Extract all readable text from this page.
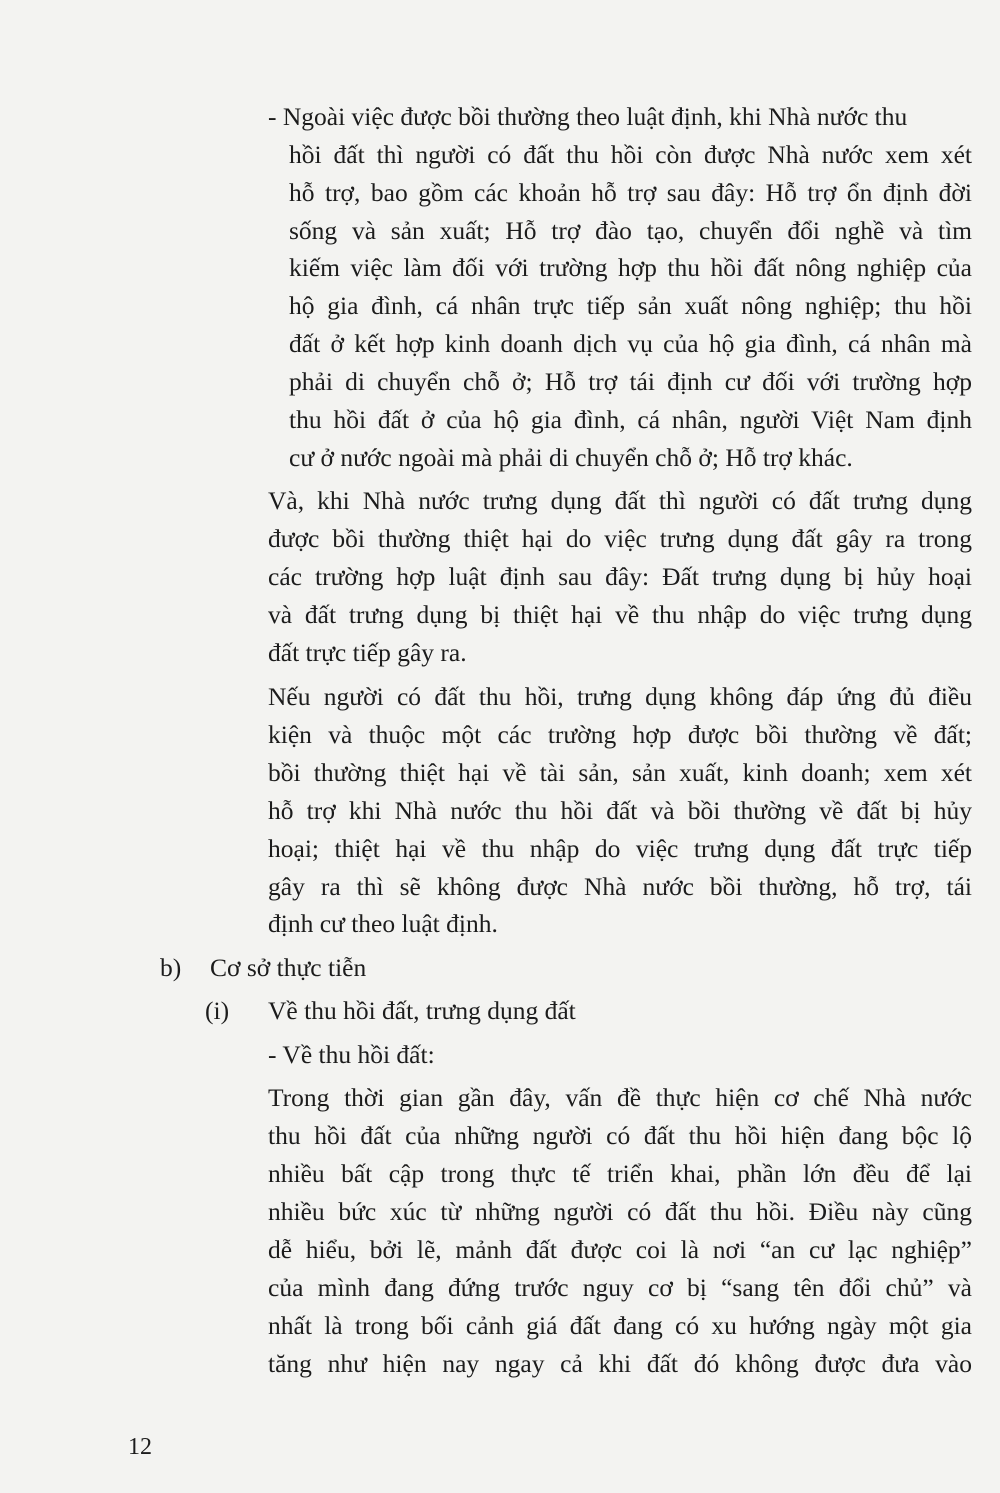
- Ngoài việc được bồi thường theo luật định, khi Nhà nước thu
hồi đất thì người có đất thu hồi còn được Nhà nước xem xét
hỗ trợ, bao gồm các khoản hỗ trợ sau đây: Hỗ trợ ổn định đời
sống và sản xuất; Hỗ trợ đào tạo, chuyển đổi nghề và tìm
kiếm việc làm đối với trường hợp thu hồi đất nông nghiệp của
hộ gia đình, cá nhân trực tiếp sản xuất nông nghiệp; thu hồi
đất ở kết hợp kinh doanh dịch vụ của hộ gia đình, cá nhân mà
phải di chuyển chỗ ở; Hỗ trợ tái định cư đối với trường hợp
thu hồi đất ở của hộ gia đình, cá nhân, người Việt Nam định
cư ở nước ngoài mà phải di chuyển chỗ ở; Hỗ trợ khác.
Và, khi Nhà nước trưng dụng đất thì người có đất trưng dụng
được bồi thường thiệt hại do việc trưng dụng đất gây ra trong
các trường hợp luật định sau đây: Đất trưng dụng bị hủy hoại
và đất trưng dụng bị thiệt hại về thu nhập do việc trưng dụng
đất trực tiếp gây ra.
Nếu người có đất thu hồi, trưng dụng không đáp ứng đủ điều
kiện và thuộc một các trường hợp được bồi thường về đất;
bồi thường thiệt hại về tài sản, sản xuất, kinh doanh; xem xét
hỗ trợ khi Nhà nước thu hồi đất và bồi thường về đất bị hủy
hoại; thiệt hại về thu nhập do việc trưng dụng đất trực tiếp
gây ra thì sẽ không được Nhà nước bồi thường, hỗ trợ, tái
định cư theo luật định.
b) Cơ sở thực tiễn
(i) Về thu hồi đất, trưng dụng đất
- Về thu hồi đất:
Trong thời gian gần đây, vấn đề thực hiện cơ chế Nhà nước
thu hồi đất của những người có đất thu hồi hiện đang bộc lộ
nhiều bất cập trong thực tế triển khai, phần lớn đều để lại
nhiều bức xúc từ những người có đất thu hồi. Điều này cũng
dễ hiểu, bởi lẽ, mảnh đất được coi là nơi “an cư lạc nghiệp”
của mình đang đứng trước nguy cơ bị “sang tên đổi chủ” và
nhất là trong bối cảnh giá đất đang có xu hướng ngày một gia
tăng như hiện nay ngay cả khi đất đó không được đưa vào
12
